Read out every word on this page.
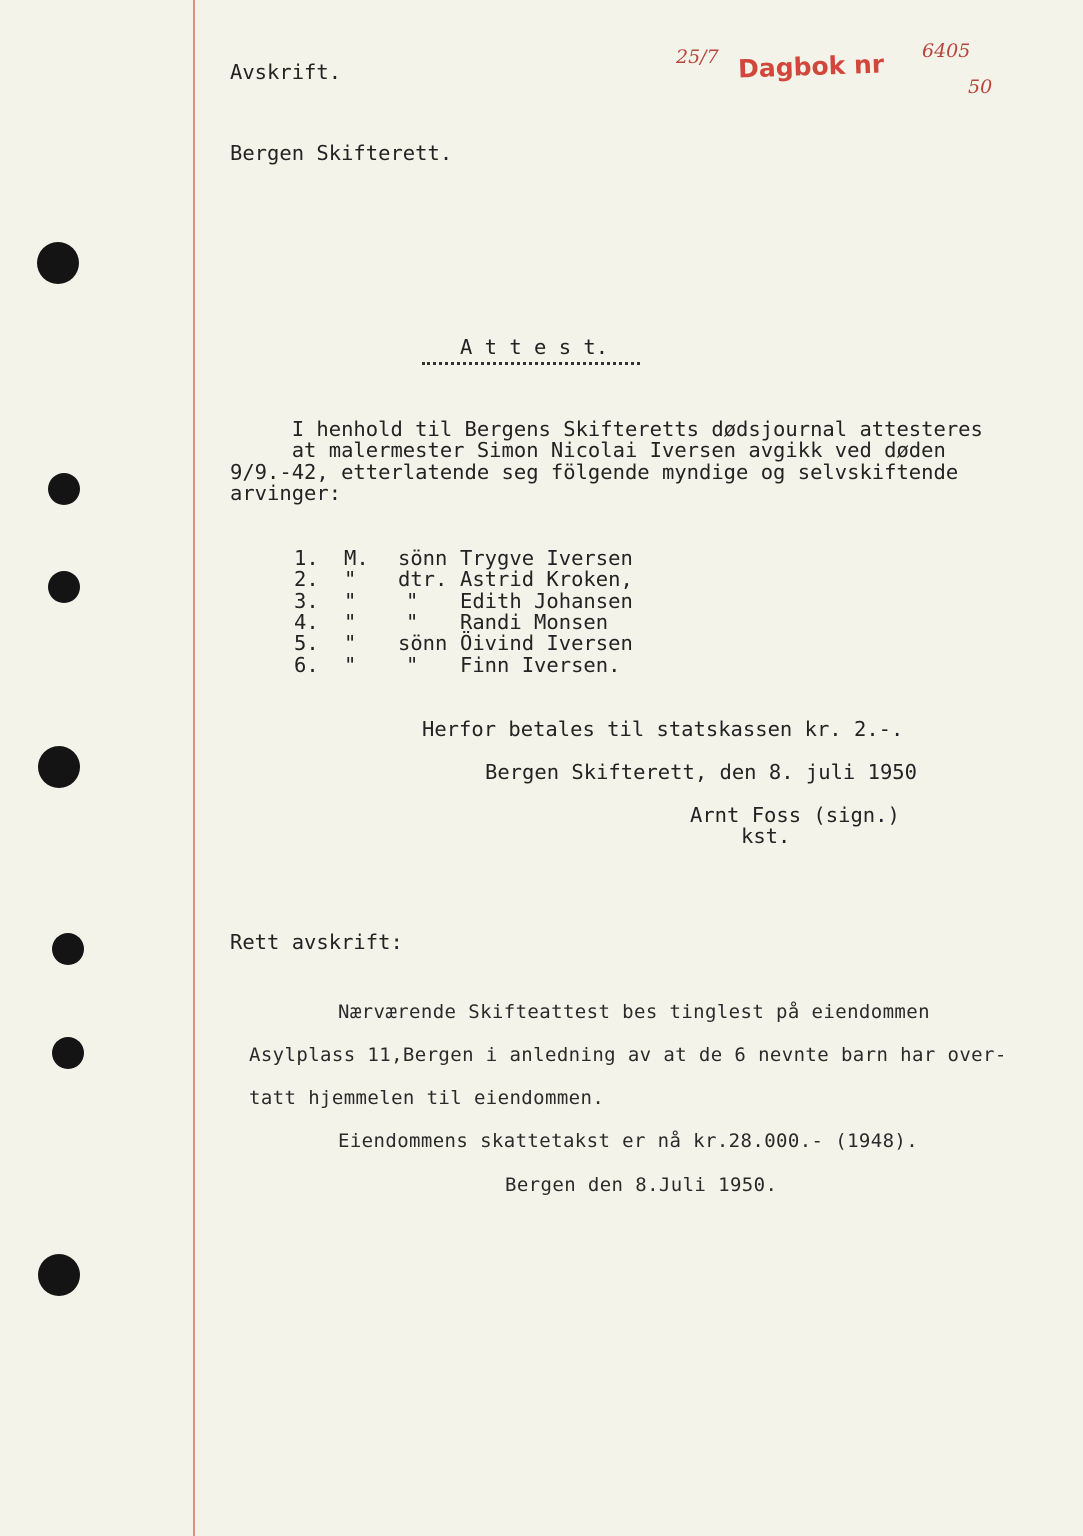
Avskrift.
25/7 Dagbok nr 6405
50
Bergen Skifterett.
A t t e s t.
I henhold til Bergens Skifteretts dødsjournal attesteres
at malermester Simon Nicolai Iversen avgikk ved døden
9/9.-42, etterlatende seg fölgende myndige og selvskiftende
arvinger:
1. M. sönn Trygve Iversen
2. " dtr. Astrid Kroken,
3. " " Edith Johansen
4. " " Randi Monsen
5. " sönn Öivind Iversen
6. " " Finn Iversen.
Herfor betales til statskassen kr. 2.-.
Bergen Skifterett, den 8. juli 1950
Arnt Foss (sign.)
kst.
Rett avskrift:
Nærværende Skifteattest bes tinglest på eiendommen
Asylplass 11,Bergen i anledning av at de 6 nevnte barn har over-
tatt hjemmelen til eiendommen.
Eiendommens skattetakst er nå kr.28.000.- (1948).
Bergen den 8.Juli 1950.
